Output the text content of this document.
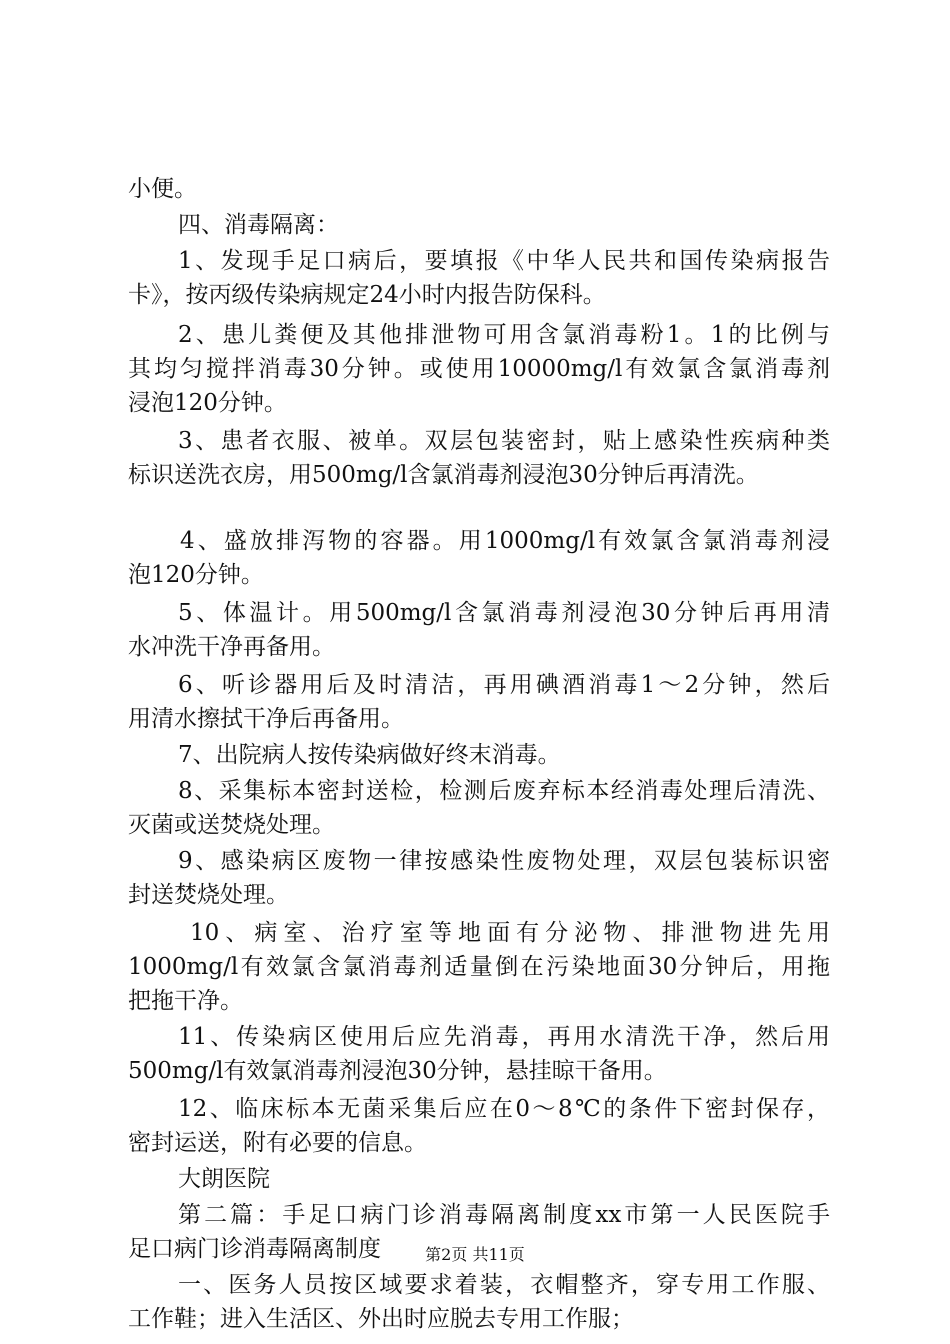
小便。
四、消毒隔离：
1、发现手足口病后，要填报《中华人民共和国传染病报告
卡》，按丙级传染病规定24小时内报告防保科。
2、患儿粪便及其他排泄物可用含氯消毒粉1。1的比例与
其均匀搅拌消毒30分钟。或使用10000mg/l有效氯含氯消毒剂
浸泡120分钟。
3、患者衣服、被单。双层包装密封，贴上感染性疾病种类
标识送洗衣房，用500mg/l含氯消毒剂浸泡30分钟后再清洗。
4、盛放排泻物的容器。用1000mg/l有效氯含氯消毒剂浸
泡120分钟。
5、体温计。用500mg/l含氯消毒剂浸泡30分钟后再用清
水冲洗干净再备用。
6、听诊器用后及时清洁，再用碘酒消毒1～2分钟，然后
用清水擦拭干净后再备用。
7、出院病人按传染病做好终末消毒。
8、采集标本密封送检，检测后废弃标本经消毒处理后清洗、
灭菌或送焚烧处理。
9、感染病区废物一律按感染性废物处理，双层包装标识密
封送焚烧处理。
10、病室、治疗室等地面有分泌物、排泄物进先用
1000mg/l有效氯含氯消毒剂适量倒在污染地面30分钟后，用拖
把拖干净。
11、传染病区使用后应先消毒，再用水清洗干净，然后用
500mg/l有效氯消毒剂浸泡30分钟，悬挂晾干备用。
12、临床标本无菌采集后应在0～8℃的条件下密封保存，
密封运送，附有必要的信息。
大朗医院
第二篇：手足口病门诊消毒隔离制度xx市第一人民医院手
足口病门诊消毒隔离制度
一、医务人员按区域要求着装，衣帽整齐，穿专用工作服、
工作鞋；进入生活区、外出时应脱去专用工作服；
第2页 共11页
